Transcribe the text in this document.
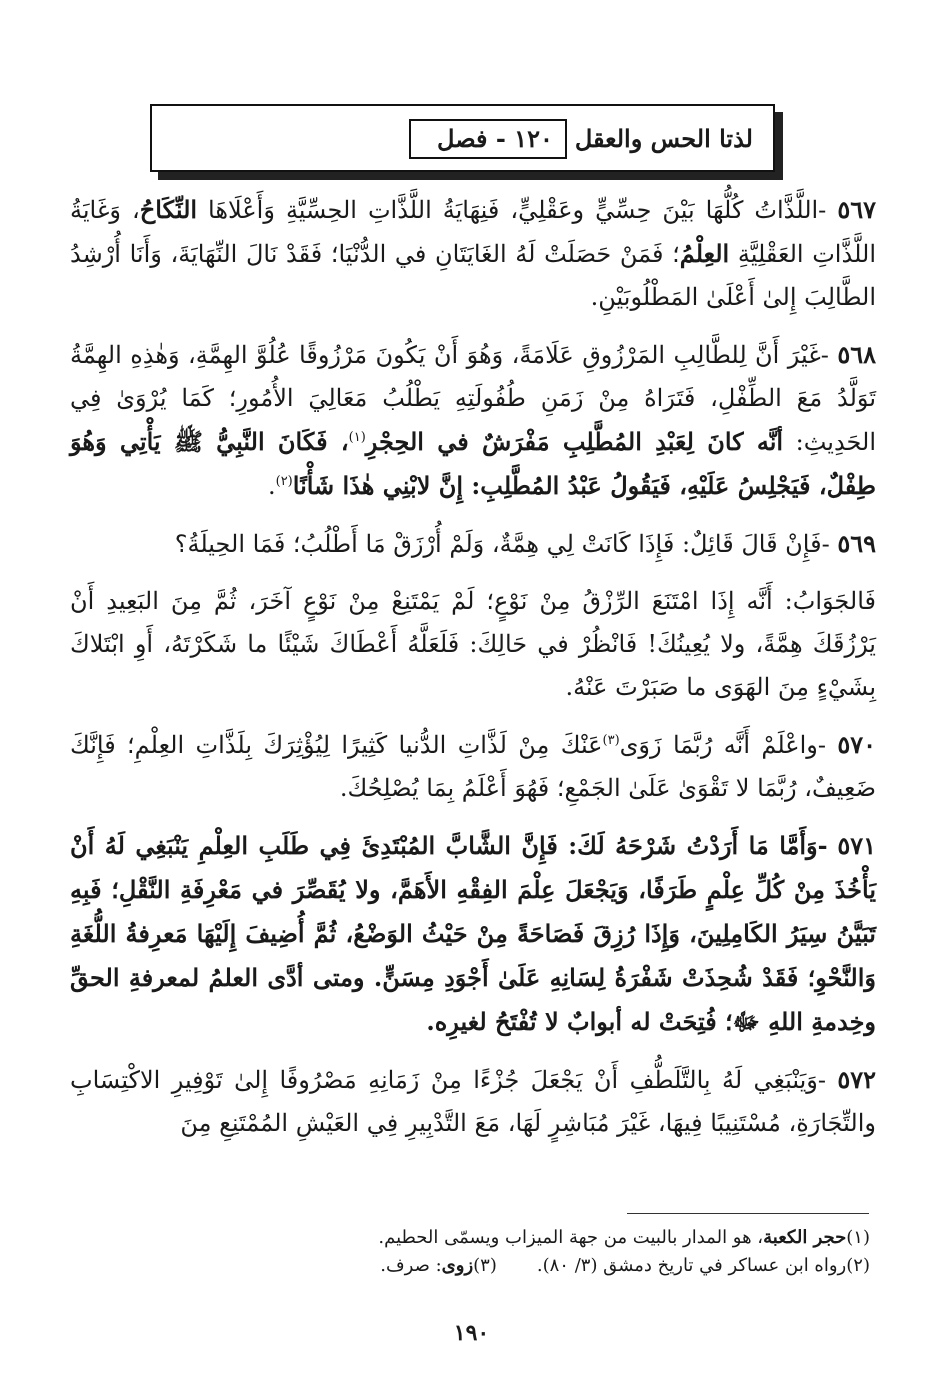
١٢٠ - فصل لذتا الحس والعقل

٥٦٧ -اللَّذَّاتُ كُلُّهَا بَيْنَ حِسِّيٍّ وعَقْلِيٍّ، فَنِهَايَةُ اللَّذَّاتِ الحِسِّيَّةِ وَأَعْلَاهَا النِّكَاحُ، وَغَايَةُ اللَّذَّاتِ العَقْلِيَّةِ العِلْمُ؛ فَمَنْ حَصَلَتْ لَهُ الغَايَتَانِ في الدُّنْيَا؛ فَقَدْ نَالَ النِّهَايَةَ، وَأَنَا أُرْشِدُ الطَّالِبَ إِلىٰ أَعْلَىٰ المَطْلُوبَيْنِ.

٥٦٨ -غَيْرَ أَنَّ لِلطَّالِبِ المَرْزُوقِ عَلَامَةً، وَهُوَ أَنْ يَكُونَ مَرْزُوقًا عُلُوَّ الهِمَّةِ، وَهٰذِهِ الهِمَّةُ تَوَلَّدُ مَعَ الطِّفْلِ، فَتَرَاهُ مِنْ زَمَنِ طُفُولَتِهِ يَطْلُبُ مَعَالِيَ الأُمُورِ؛ كَمَا يُرْوَىٰ فِي الحَدِيثِ: أنَّه كانَ لِعَبْدِ المُطَّلِبِ مَفْرَشٌ في الحِجْرِ$^{(١)}$، فَكَانَ النَّبِيُّ ﷺ يَأْتِي وَهُوَ طِفْلٌ، فَيَجْلِسُ عَلَيْهِ، فَيَقُولُ عَبْدُ المُطَّلِبِ: إِنَّ لابْنِي هٰذَا شَأْنًا$^{(٢)}$.

٥٦٩ -فَإِنْ قَالَ قَائِلٌ: فَإِذَا كَانَتْ لِي هِمَّةٌ، وَلَمْ أُرْزَقْ مَا أَطْلُبُ؛ فَمَا الحِيلَةُ؟

فَالجَوَابُ: أَنَّه إِذَا امْتَنَعَ الرِّزْقُ مِنْ نَوْعٍ؛ لَمْ يَمْتَنِعْ مِنْ نَوْعٍ آخَرَ، ثُمَّ مِنَ البَعِيدِ أَنْ يَرْزُقَكَ هِمَّةً، ولا يُعِينُكَ! فَانْظُرْ في حَالِكَ: فَلَعَلَّهُ أَعْطَاكَ شَيْئًا ما شَكَرْتَهُ، أَوِ ابْتَلاكَ بِشَيْءٍ مِنَ الهَوَى ما صَبَرْتَ عَنْهُ.

٥٧٠ -واعْلَمْ أَنَّه رُبَّمَا زَوَى$^{(٣)}$عَنْكَ مِنْ لَذَّاتِ الدُّنيا كَثِيرًا لِيُؤْثِرَكَ بِلَذَّاتِ العِلْمِ؛ فَإِنَّكَ ضَعِيفٌ، رُبَّمَا لا تَقْوَىٰ عَلَىٰ الجَمْعِ؛ فَهُوَ أَعْلَمُ بِمَا يُصْلِحُكَ.

٥٧١ -وَأَمَّا مَا أَرَدْتُ شَرْحَهُ لَكَ: فَإِنَّ الشَّابَّ المُبْتَدِئَ فِي طَلَبِ العِلْمِ يَنْبَغِي لَهُ أَنْ يَأْخُذَ مِنْ كُلِّ عِلْمٍ طَرَفًا، وَيَجْعَلَ عِلْمَ الفِقْهِ الأَهَمَّ، ولا يُقَصِّرَ في مَعْرِفَةِ النَّقْلِ؛ فَبِهِ تَبَيَّنُ سِيَرُ الكَامِلِينَ، وَإِذَا رُزِقَ فَصَاحَةً مِنْ حَيْثُ الوَضْعُ، ثُمَّ أُضِيفَ إِلَيْهَا مَعرِفةُ اللُّغَةِ وَالنَّحْوِ؛ فَقَدْ شُحِذَتْ شَفْرَةُ لِسَانِهِ عَلَىٰ أَجْوَدِ مِسَنٍّ. ومتى أدَّى العلمُ لمعرفةِ الحقِّ وخِدمةِ اللهِ ﷻ؛ فُتِحَتْ له أبوابٌ لا تُفْتَحُ لغيرِه.

٥٧٢ -وَيَنْبَغِي لَهُ بِالتَّلَطُّفِ أَنْ يَجْعَلَ جُزْءًا مِنْ زَمَانِهِ مَصْرُوفًا إِلىٰ تَوْفِيرِ الاكْتِسَابِ والتِّجَارَةِ، مُسْتَنِيبًا فِيهَا، غَيْرَ مُبَاشِرٍ لَهَا، مَعَ التَّدْبِيرِ فِي العَيْشِ المُمْتَنِعِ مِنَ

(١)حجر الكعبة، هو المدار بالبيت من جهة الميزاب ويسمّى الحطيم.

(٢)رواه ابن عساكر في تاريخ دمشق (٣/ ٨٠).(٣)زوى: صرف.

١٩٠
